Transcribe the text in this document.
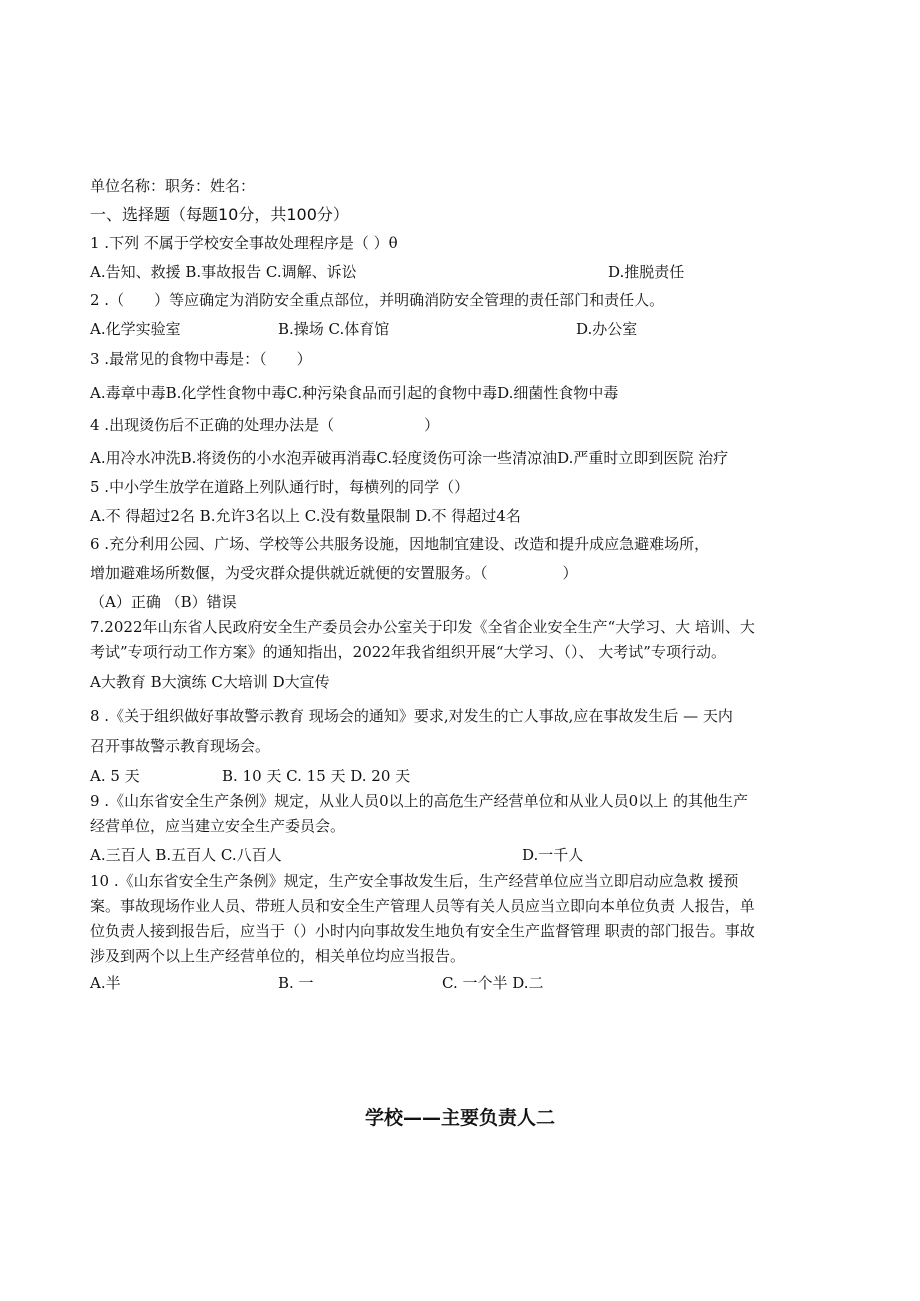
单位名称：职务：姓名：
一、选择题（每题10分，共100分）
1 .下列 不属于学校安全事故处理程序是（ ）θ
A.告知、救援 B.事故报告 C.调解、诉讼	D.推脱责任
2 .（　　）等应确定为消防安全重点部位，并明确消防安全管理的责任部门和责任人。
A.化学实验室	B.操场 C.体育馆	D.办公室
3 .最常见的食物中毒是：（　　）
A.毒章中毒B.化学性食物中毒C.种污染食品而引起的食物中毒D.细菌性食物中毒
4 .出现烫伤后不正确的处理办法是（　　　　　　）
A.用冷水冲洗B.将烫伤的小水泡弄破再消毒C.轻度烫伤可涂一些清凉油D.严重时立即到医院 治疗
5 .中小学生放学在道路上列队通行时，每横列的同学（）
A.不 得超过2名 B.允许3名以上 C.没有数量限制 D.不 得超过4名
6 .充分利用公园、广场、学校等公共服务设施，因地制宜建设、改造和提升成应急避难场所，
增加避难场所数偃，为受灾群众提供就近就便的安置服务。（　　　　　）
（A）正确 （B）错误
7.2022年山东省人民政府安全生产委员会办公室关于印发《全省企业安全生产“大学习、大 培训、大
考试”专项行动工作方案》的通知指出，2022年我省组织开展“大学习、（）、 大考试”专项行动。
A大教育 B大演练 C大培训 D大宣传
8 .《关于组织做好事故警示教育 现场会的通知》要求,对发生的亡人事故,应在事故发生后 — 天内
召开事故警示教育现场会。
A. 5 天	B. 10 天 C. 15 天 D. 20 天
9 .《山东省安全生产条例》规定，从业人员0以上的高危生产经营单位和从业人员0以上 的其他生产
经营单位，应当建立安全生产委员会。
A.三百人 B.五百人 C.八百人	D.一千人
10 .《山东省安全生产条例》规定，生产安全事故发生后，生产经营单位应当立即启动应急救 援预
案。事故现场作业人员、带班人员和安全生产管理人员等有关人员应当立即向本单位负责 人报告，单
位负责人接到报告后，应当于（）小时内向事故发生地负有安全生产监督管理 职责的部门报告。事故
涉及到两个以上生产经营单位的，相关单位均应当报告。
A.半	B. 一	C. 一个半 D.二
学校——主要负责人二
